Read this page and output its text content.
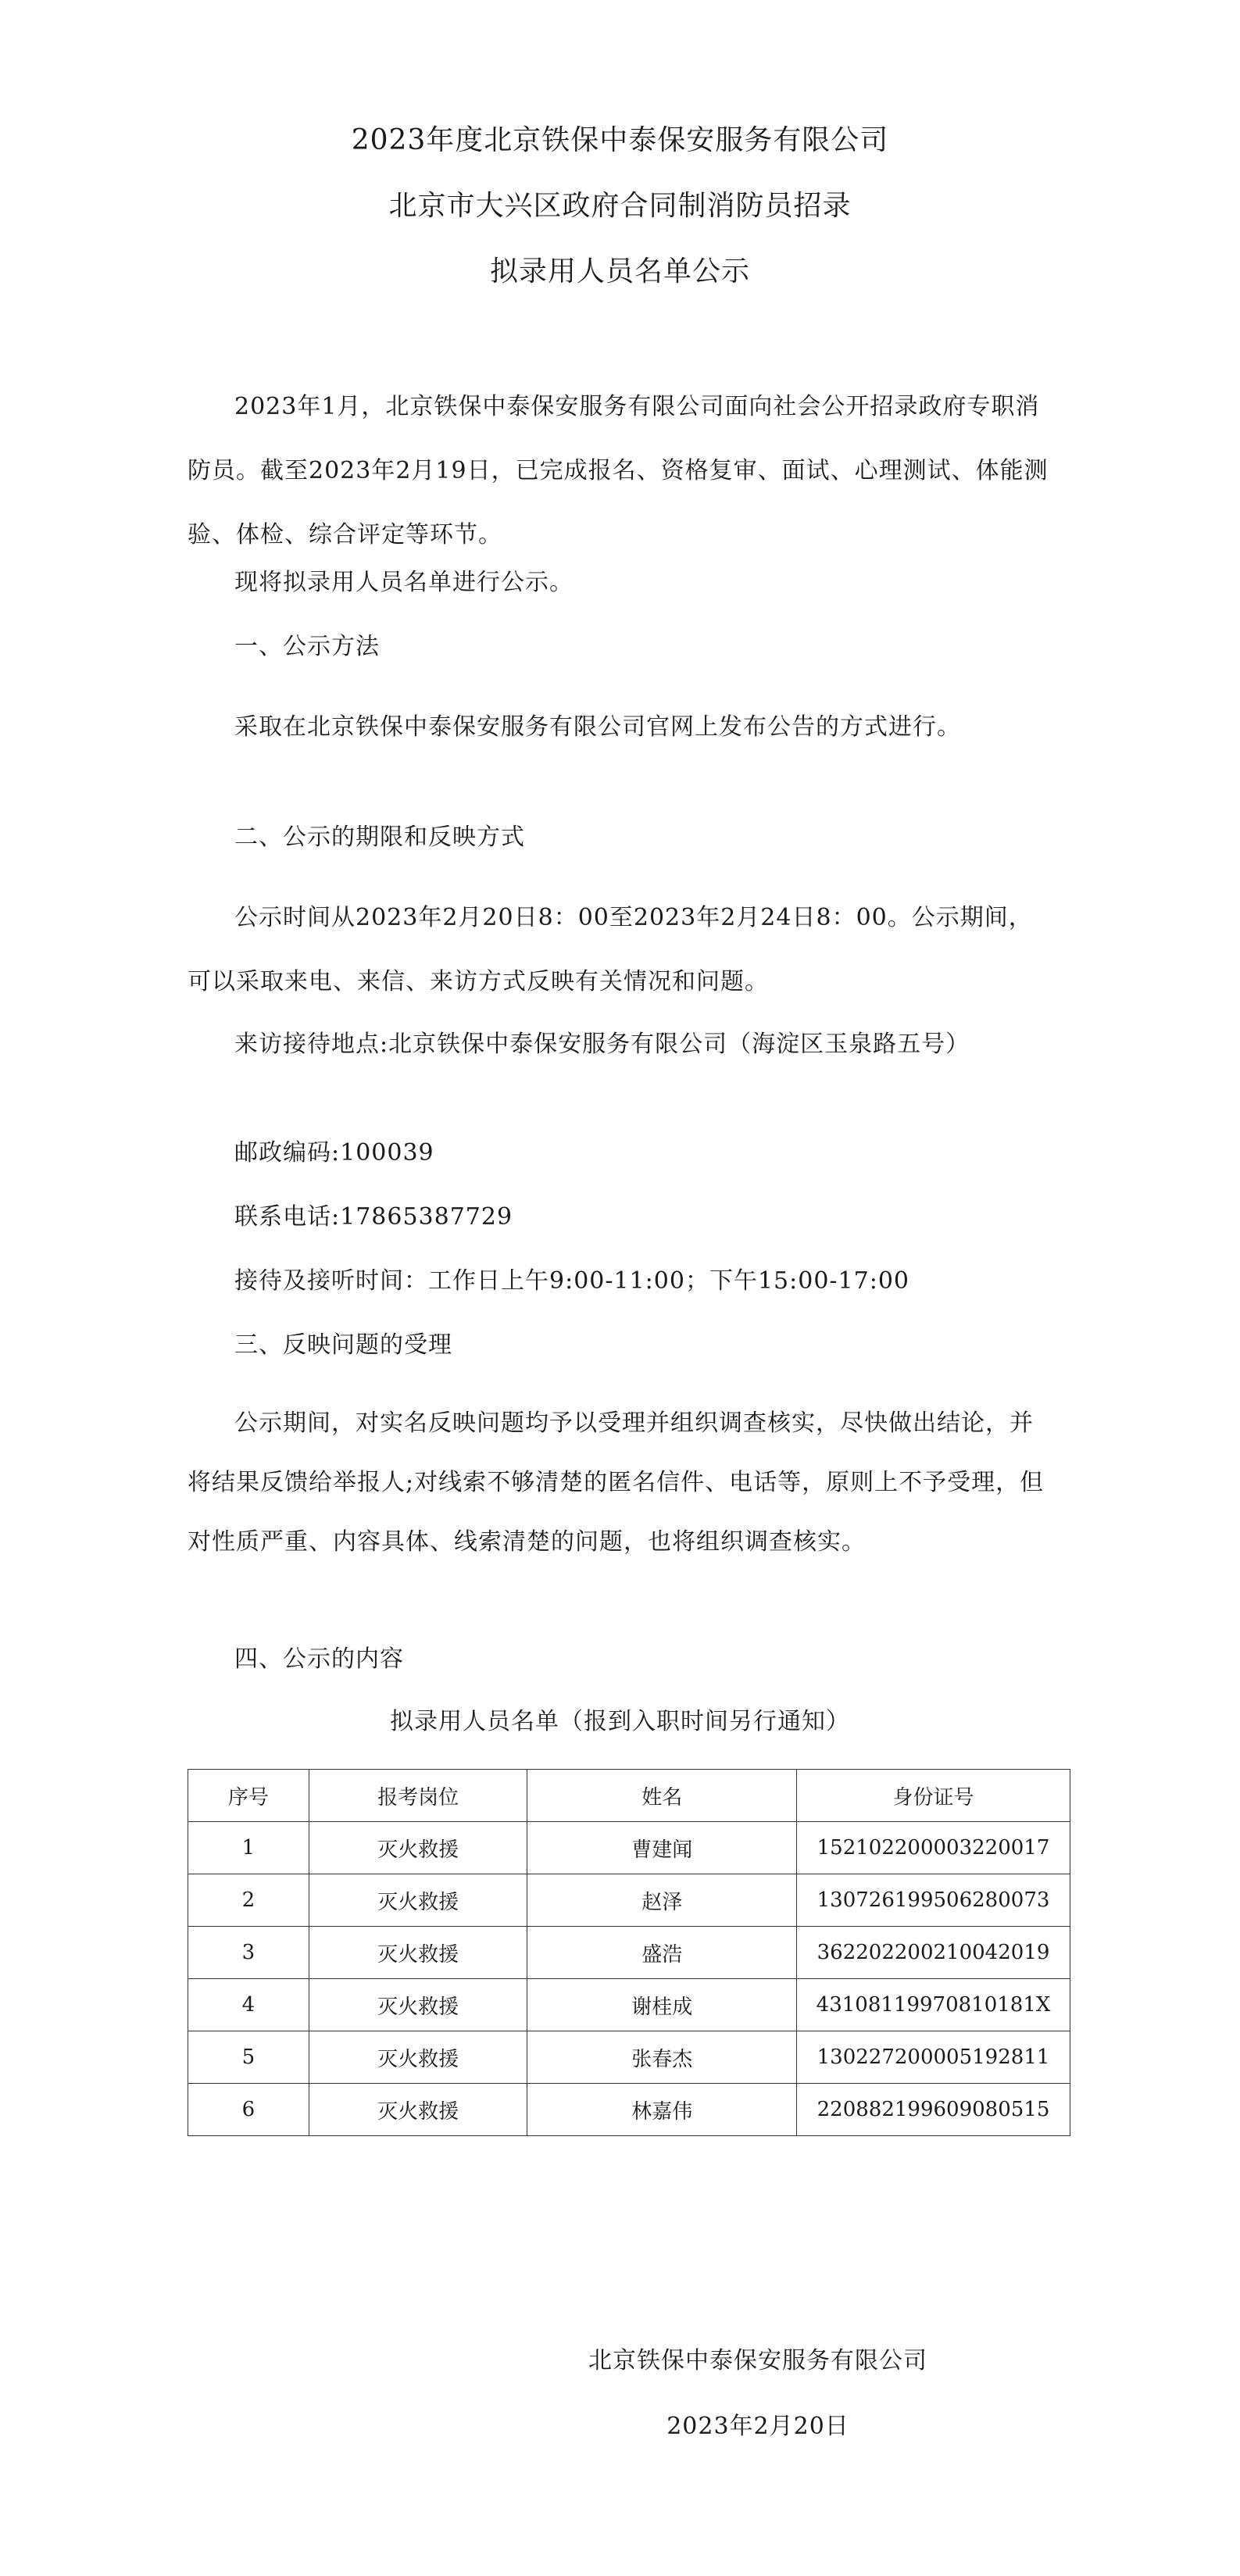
2023年度北京铁保中泰保安服务有限公司
北京市大兴区政府合同制消防员招录
拟录用人员名单公示

2023年1月，北京铁保中泰保安服务有限公司面向社会公开招录政府专职消防员。截至2023年2月19日，已完成报名、资格复审、面试、心理测试、体能测验、体检、综合评定等环节。

现将拟录用人员名单进行公示。

一、公示方法

采取在北京铁保中泰保安服务有限公司官网上发布公告的方式进行。

二、公示的期限和反映方式

公示时间从2023年2月20日8：00至2023年2月24日8：00。公示期间，可以采取来电、来信、来访方式反映有关情况和问题。

来访接待地点:北京铁保中泰保安服务有限公司（海淀区玉泉路五号）

邮政编码:100039

联系电话:17865387729

接待及接听时间：工作日上午9:00-11:00；下午15:00-17:00

三、反映问题的受理

公示期间，对实名反映问题均予以受理并组织调查核实，尽快做出结论，并将结果反馈给举报人;对线索不够清楚的匿名信件、电话等，原则上不予受理，但对性质严重、内容具体、线索清楚的问题，也将组织调查核实。

四、公示的内容

拟录用人员名单（报到入职时间另行通知）
序号	报考岗位	姓名	身份证号
1	灭火救援	曹建闻	152102200003220017
2	灭火救援	赵泽	130726199506280073
3	灭火救援	盛浩	362202200210042019
4	灭火救援	谢桂成	43108119970810181X
5	灭火救援	张春杰	130227200005192811
6	灭火救援	林嘉伟	220882199609080515
北京铁保中泰保安服务有限公司
2023年2月20日
